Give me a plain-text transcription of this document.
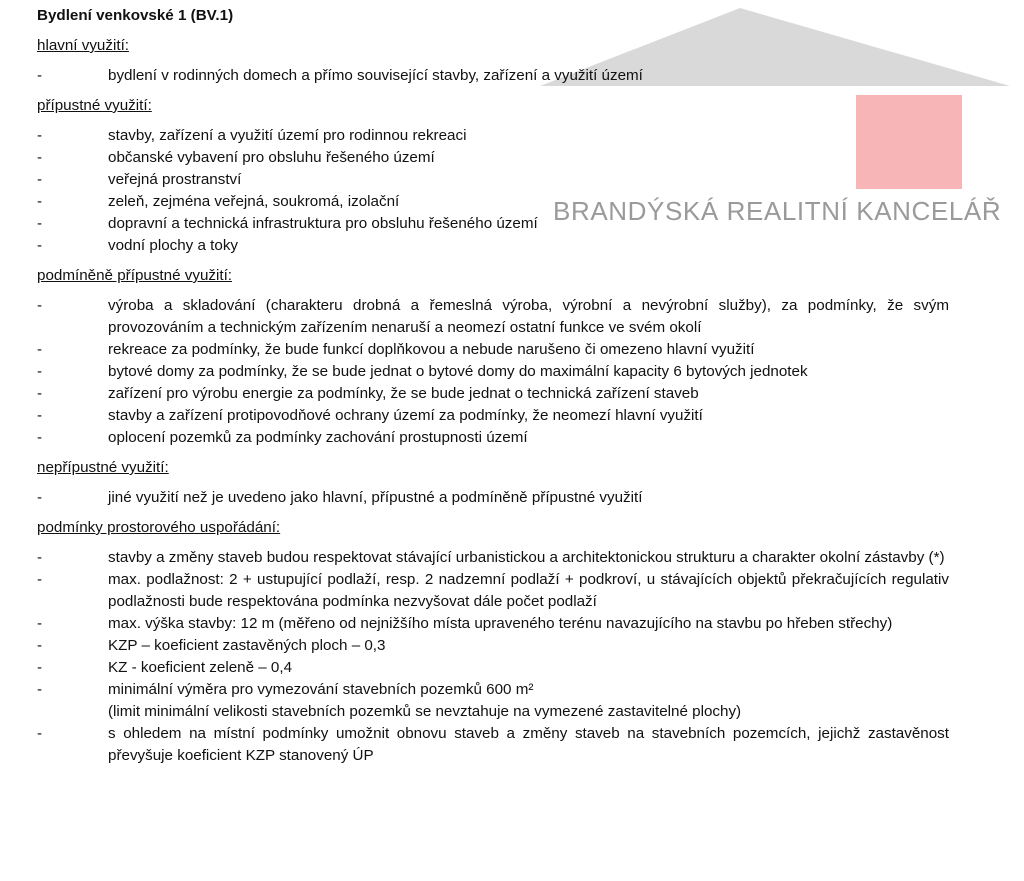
BRANDÝSKÁ REALITNÍ KANCELÁŘ
Bydlení venkovské 1 (BV.1)
hlavní využití:
-	bydlení v rodinných domech a přímo související stavby, zařízení a využití území
přípustné využití:
-	stavby, zařízení a využití území pro rodinnou rekreaci
-	občanské vybavení pro obsluhu řešeného území
-	veřejná prostranství
-	zeleň, zejména veřejná, soukromá, izolační
-	dopravní a technická infrastruktura pro obsluhu řešeného území
-	vodní plochy a toky
podmíněně přípustné využití:
-	výroba a skladování (charakteru drobná a řemeslná výroba, výrobní a nevýrobní služby), za podmínky, že svým provozováním a technickým zařízením nenaruší a neomezí ostatní funkce ve svém okolí
-	rekreace za podmínky, že bude funkcí doplňkovou a nebude narušeno či omezeno hlavní využití
-	bytové domy za podmínky, že se bude jednat o bytové domy do maximální kapacity 6 bytových jednotek
-	zařízení pro výrobu energie za podmínky, že se bude jednat o technická zařízení staveb
-	stavby a zařízení protipovodňové ochrany území za podmínky, že neomezí hlavní využití
-	oplocení pozemků za podmínky zachování prostupnosti území
nepřípustné využití:
-	jiné využití než je uvedeno jako hlavní, přípustné a podmíněně přípustné využití
podmínky prostorového uspořádání:
-	stavby a změny staveb budou respektovat stávající urbanistickou a architektonickou strukturu a charakter okolní zástavby (*)
-	max. podlažnost: 2 + ustupující podlaží, resp. 2 nadzemní podlaží + podkroví, u stávajících objektů překračujících regulativ podlažnosti bude respektována podmínka nezvyšovat dále počet podlaží
-	max. výška stavby: 12 m (měřeno od nejnižšího místa upraveného terénu navazujícího na stavbu po hřeben střechy)
-	KZP – koeficient zastavěných ploch – 0,3
-	KZ - koeficient zeleně – 0,4
-	minimální výměra pro vymezování stavebních pozemků 600 m²
(limit minimální velikosti stavebních pozemků se nevztahuje na vymezené zastavitelné plochy)
-	s ohledem na místní podmínky umožnit obnovu staveb a změny staveb na stavebních pozemcích, jejichž zastavěnost převyšuje koeficient KZP stanovený ÚP
